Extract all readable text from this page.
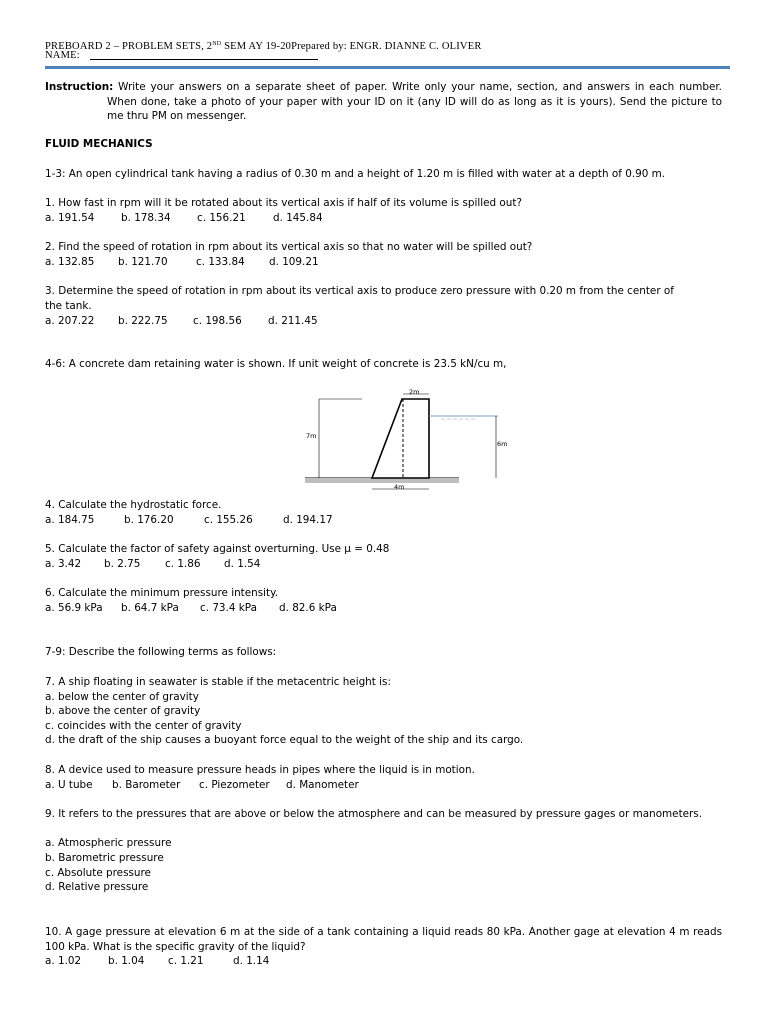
PREBOARD 2 – PROBLEM SETS, 2ND SEM AY 19-20Prepared by: ENGR. DIANNE C. OLIVER
NAME:
Instruction: Write your answers on a separate sheet of paper. Write only your name, section, and answers in each number. When done, take a photo of your paper with your ID on it (any ID will do as long as it is yours). Send the picture to me thru PM on messenger.
FLUID MECHANICS
1-3: An open cylindrical tank having a radius of 0.30 m and a height of 1.20 m is filled with water at a depth of 0.90 m.
1. How fast in rpm will it be rotated about its vertical axis if half of its volume is spilled out?
a. 191.54	b. 178.34	c. 156.21	d. 145.84
2. Find the speed of rotation in rpm about its vertical axis so that no water will be spilled out?
a. 132.85 b. 121.70	c. 133.84 d. 109.21
3. Determine the speed of rotation in rpm about its vertical axis to produce zero pressure with 0.20 m from the center of
the tank.
a. 207.22 b. 222.75 c. 198.56	d. 211.45
4-6: A concrete dam retaining water is shown. If unit weight of concrete is 23.5 kN/cu m,
7m
2m
6m
4m
4. Calculate the hydrostatic force.
a. 184.75	b. 176.20	c. 155.26	d. 194.17
5. Calculate the factor of safety against overturning. Use µ = 0.48
a. 3.42 b. 2.75 c. 1.86 d. 1.54
6. Calculate the minimum pressure intensity.
a. 56.9 kPa b. 64.7 kPa c. 73.4 kPa d. 82.6 kPa
7-9: Describe the following terms as follows:
7. A ship floating in seawater is stable if the metacentric height is:
a. below the center of gravity
b. above the center of gravity
c. coincides with the center of gravity
d. the draft of the ship causes a buoyant force equal to the weight of the ship and its cargo.
8. A device used to measure pressure heads in pipes where the liquid is in motion.
a. U tube b. Barometer c. Piezometer d. Manometer
9. It refers to the pressures that are above or below the atmosphere and can be measured by pressure gages or manometers.
a. Atmospheric pressure
b. Barometric pressure
c. Absolute pressure
d. Relative pressure
10. A gage pressure at elevation 6 m at the side of a tank containing a liquid reads 80 kPa. Another gage at elevation 4 m reads 100 kPa. What is the specific gravity of the liquid?
a. 1.02	b. 1.04 c. 1.21	d. 1.14
